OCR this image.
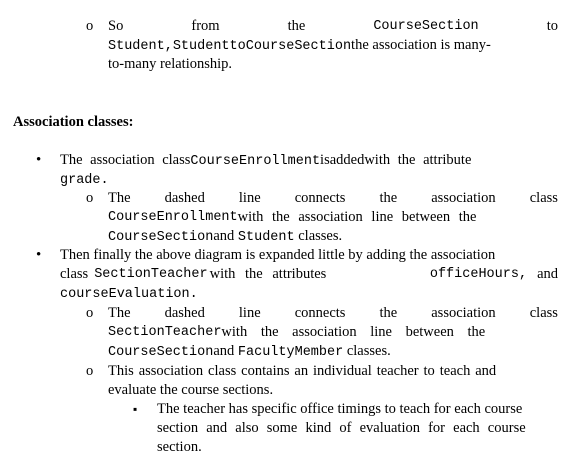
o So	from	the	CourseSection	to
Student,StudenttoCourseSectionthe association is many-
to-many relationship.
Association classes:
• The association classCourseEnrollmentisaddedwith the attribute
grade.
o The dashed line connects the association class
CourseEnrollment with the association line between the
CourseSectionand Student classes.
• Then finally the above diagram is expanded little by adding the association
class SectionTeacher with the attributes	officeHours, and
courseEvaluation.
o The dashed line connects the association class
SectionTeacher with the association line between the
CourseSectionand FacultyMember classes.
o This association class contains an individual teacher to teach and
evaluate the course sections.
▪ The teacher has specific office timings to teach for each course
section and also some kind of evaluation for each course
section.
